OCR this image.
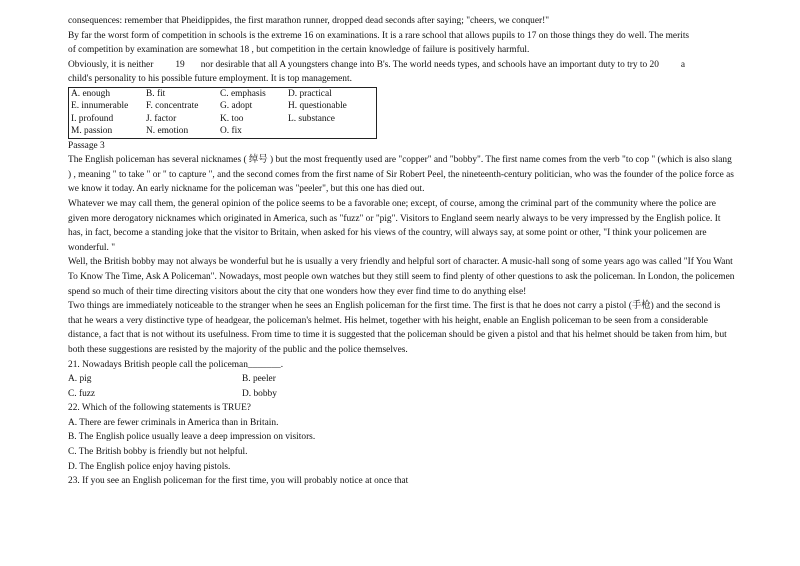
consequences: remember that Pheidippides, the first marathon runner, dropped dead seconds after saying; "cheers, we conquer!"

By far the worst form of competition in schools is the extreme 16 on examinations. It is a rare school that allows pupils to 17 on those things they do well. The merits

of competition by examination are somewhat 18 , but competition in the certain knowledge of failure is positively harmful.

Obviously, it is neither 19 nor desirable that all A youngsters change into B's. The world needs types, and schools have an important duty to try to 20 a

child's personality to his possible future employment. It is top management.

A. enough	B. fit	C. emphasis	D. practical
E. innumerable	F. concentrate	G. adopt	H. questionable
I. profound	J. factor	K. too	L. substance
M. passion	N. emotion	O. fix	

Passage 3

The English policeman has several nicknames ( 绰号 ) but the most frequently used are "copper" and "bobby". The first name comes from the verb "to cop " (which is also slang ) , meaning " to take " or " to capture ", and the second comes from the first name of Sir Robert Peel, the nineteenth-century politician, who was the founder of the police force as we know it today. An early nickname for the policeman was "peeler", but this one has died out.

Whatever we may call them, the general opinion of the police seems to be a favorable one; except, of course, among the criminal part of the community where the police are given more derogatory nicknames which originated in America, such as "fuzz" or "pig". Visitors to England seem nearly always to be very impressed by the English police. It has, in fact, become a standing joke that the visitor to Britain, when asked for his views of the country, will always say, at some point or other, "I think your policemen are wonderful. "

Well, the British bobby may not always be wonderful but he is usually a very friendly and helpful sort of character. A music-hall song of some years ago was called "If You Want To Know The Time, Ask A Policeman". Nowadays, most people own watches but they still seem to find plenty of other questions to ask the policeman. In London, the policemen spend so much of their time directing visitors about the city that one wonders how they ever find time to do anything else!

Two things are immediately noticeable to the stranger when he sees an English policeman for the first time. The first is that he does not carry a pistol (手枪) and the second is that he wears a very distinctive type of headgear, the policeman's helmet. His helmet, together with his height, enable an English policeman to be seen from a considerable distance, a fact that is not without its usefulness. From time to time it is suggested that the policeman should be given a pistol and that his helmet should be taken from him, but both these suggestions are resisted by the majority of the public and the police themselves.

21. Nowadays British people call the policeman_______.

A. pig	B. peeler
C. fuzz	D. bobby

22. Which of the following statements is TRUE?

A. There are fewer criminals in America than in Britain.

B. The English police usually leave a deep impression on visitors.

C. The British bobby is friendly but not helpful.

D. The English police enjoy having pistols.

23. If you see an English policeman for the first time, you will probably notice at once that
